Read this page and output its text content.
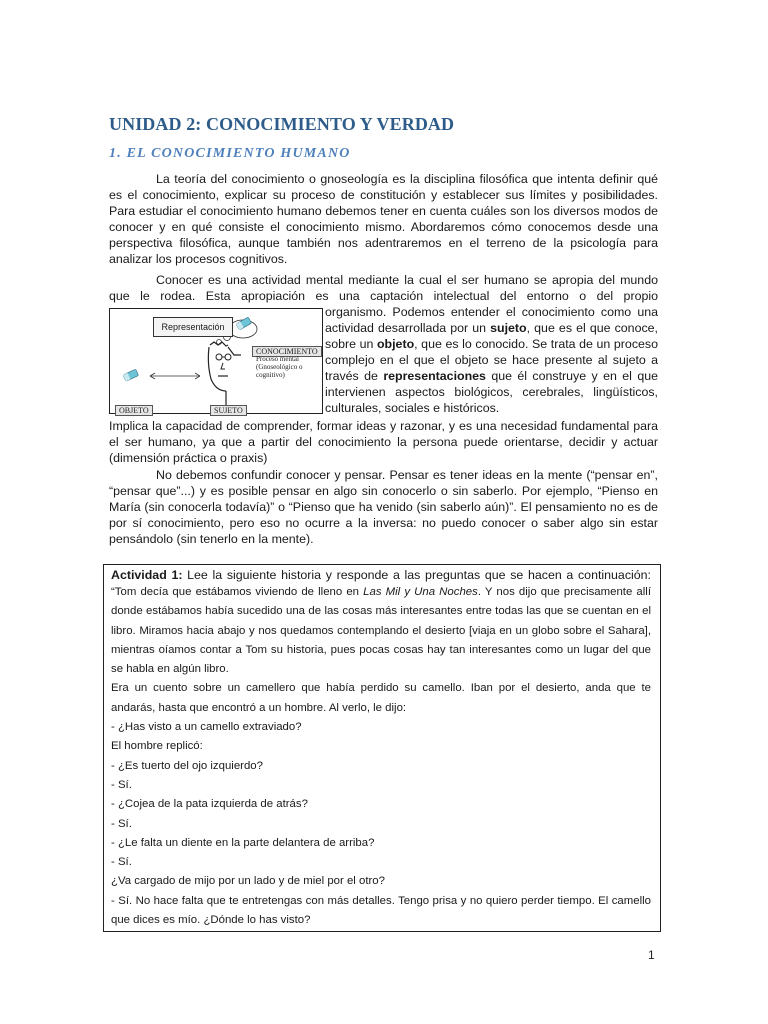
UNIDAD 2: CONOCIMIENTO Y VERDAD
1. EL CONOCIMIENTO HUMANO

La teoría del conocimiento o gnoseología es la disciplina filosófica que intenta definir qué es el conocimiento, explicar su proceso de constitución y establecer sus límites y posibilidades. Para estudiar el conocimiento humano debemos tener en cuenta cuáles son los diversos modos de conocer y en qué consiste el conocimiento mismo. Abordaremos cómo conocemos desde una perspectiva filosófica, aunque también nos adentraremos en el terreno de la psicología para analizar los procesos cognitivos.

Conocer es una actividad mental mediante la cual el ser humano se apropia del mundo

que le rodea. Esta apropiación es una captación intelectual del entorno o del propio
Representación
CONOCIMIENTO
Proceso mental (Gnoseológico o cognitivo)
OBJETO	SUJETO

organismo. Podemos entender el conocimiento como una actividad desarrollada por un sujeto, que es el que conoce, sobre un objeto, que es lo conocido. Se trata de un proceso complejo en el que el objeto se hace presente al sujeto a través de representaciones que él construye y en el que intervienen aspectos biológicos, cerebrales, lingüísticos, culturales, sociales e históricos.

Implica la capacidad de comprender, formar ideas y razonar, y es una necesidad fundamental para el ser humano, ya que a partir del conocimiento la persona puede orientarse, decidir y actuar (dimensión práctica o praxis)

No debemos confundir conocer y pensar. Pensar es tener ideas en la mente (“pensar en”, “pensar que”...) y es posible pensar en algo sin conocerlo o sin saberlo. Por ejemplo, “Pienso en María (sin conocerla todavía)” o “Pienso que ha venido (sin saberlo aún)”. El pensamiento no es de por sí conocimiento, pero eso no ocurre a la inversa: no puedo conocer o saber algo sin estar pensándolo (sin tenerlo en la mente).

Actividad 1: Lee la siguiente historia y responde a las preguntas que se hacen a continuación:

“Tom decía que estábamos viviendo de lleno en Las Mil y Una Noches. Y nos dijo que precisamente allí donde estábamos había sucedido una de las cosas más interesantes entre todas las que se cuentan en el libro. Miramos hacia abajo y nos quedamos contemplando el desierto [viaja en un globo sobre el Sahara], mientras oíamos contar a Tom su historia, pues pocas cosas hay tan interesantes como un lugar del que se habla en algún libro.

Era un cuento sobre un camellero que había perdido su camello. Iban por el desierto, anda que te andarás, hasta que encontró a un hombre. Al verlo, le dijo:

- ¿Has visto a un camello extraviado?

El hombre replicó:

- ¿Es tuerto del ojo izquierdo?

- Sí.

- ¿Cojea de la pata izquierda de atrás?

- Sí.

- ¿Le falta un diente en la parte delantera de arriba?

- Sí.

¿Va cargado de mijo por un lado y de miel por el otro?

- Sí. No hace falta que te entretengas con más detalles. Tengo prisa y no quiero perder tiempo. El camello que dices es mío. ¿Dónde lo has visto?

1
